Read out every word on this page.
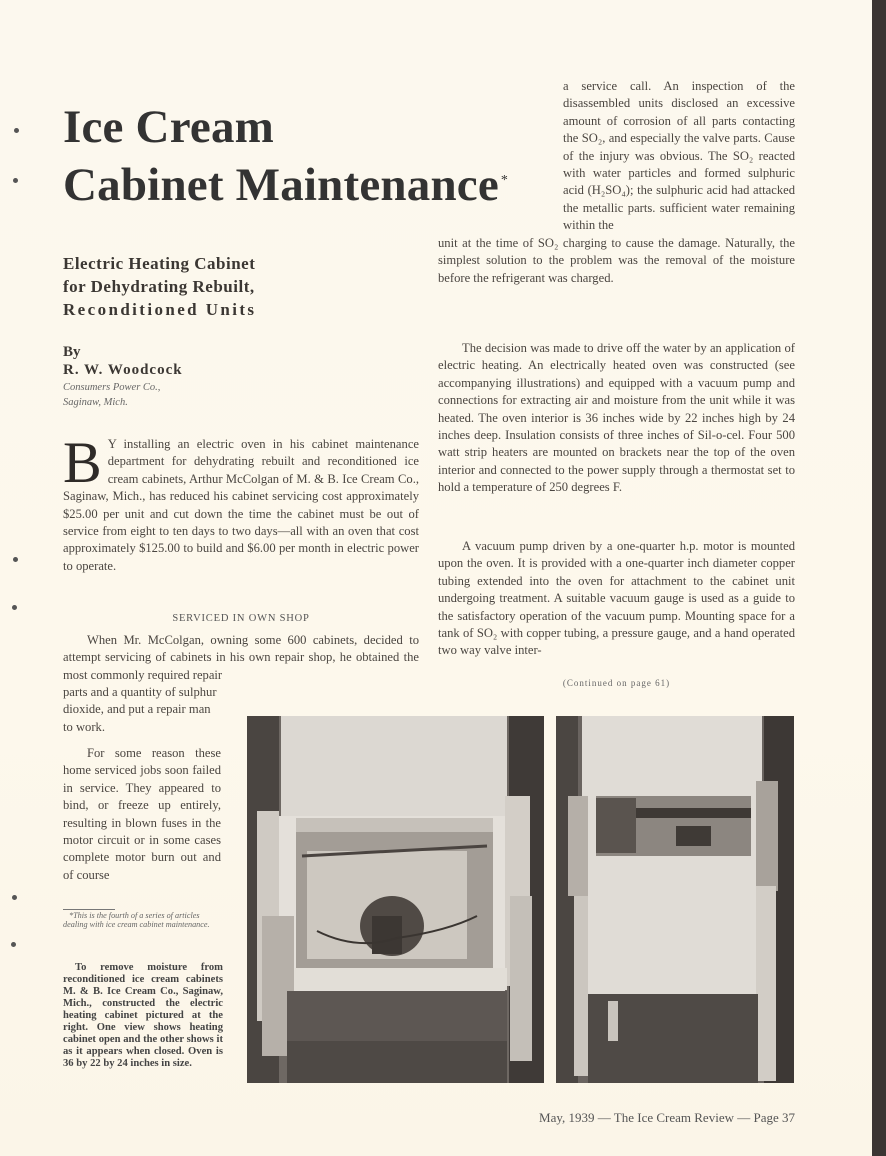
Ice Cream
Cabinet Maintenance *
Electric Heating Cabinet
for Dehydrating Rebuilt,
Reconditioned Units
By
R. W. Woodcock
Consumers Power Co.,
Saginaw, Mich.
B Y installing an electric oven in his cabinet maintenance department for dehydrating rebuilt and reconditioned ice cream cabinets, Arthur McColgan of M. & B. Ice Cream Co., Saginaw, Mich., has reduced his cabinet servicing cost approximately $25.00 per unit and cut down the time the cabinet must be out of service from eight to ten days to two days—all with an oven that cost approximately $125.00 to build and $6.00 per month in electric power to operate.
SERVICED IN OWN SHOP
When Mr. McColgan, owning some 600 cabinets, decided to attempt servicing of cabinets in his own repair shop, he obtained the most commonly required repair
parts and a quantity of sulphur dioxide, and put a repair man to work.
For some reason these home serviced jobs soon failed in service. They appeared to bind, or freeze up entirely, resulting in blown fuses in the motor circuit or in some cases complete motor burn out and of course
*This is the fourth of a series of articles dealing with ice cream cabinet maintenance.
To remove moisture from reconditioned ice cream cabinets M. & B. Ice Cream Co., Saginaw, Mich., constructed the electric heating cabinet pictured at the right. One view shows heating cabinet open and the other shows it as it appears when closed. Oven is 36 by 22 by 24 inches in size.
a service call. An inspection of the disassembled units disclosed an excessive amount of corrosion of all parts contacting the SO₂, and especially the valve parts. Cause of the injury was obvious. The SO₂ reacted with water particles and formed sulphuric acid (H₂SO₄); the sulphuric acid had attacked the metallic parts. sufficient water remaining within the
unit at the time of SO₂ charging to cause the damage. Naturally, the simplest solution to the problem was the removal of the moisture before the refrigerant was charged.
The decision was made to drive off the water by an application of electric heating. An electrically heated oven was constructed (see accompanying illustrations) and equipped with a vacuum pump and connections for extracting air and moisture from the unit while it was heated. The oven interior is 36 inches wide by 22 inches high by 24 inches deep. Insulation consists of three inches of Sil-o-cel. Four 500 watt strip heaters are mounted on brackets near the top of the oven interior and connected to the power supply through a thermostat set to hold a temperature of 250 degrees F.
A vacuum pump driven by a one-quarter h.p. motor is mounted upon the oven. It is provided with a one-quarter inch diameter copper tubing extended into the oven for attachment to the cabinet unit undergoing treatment. A suitable vacuum gauge is used as a guide to the satisfactory operation of the vacuum pump. Mounting space for a tank of SO₂ with copper tubing, a pressure gauge, and a hand operated two way valve inter-
(Continued on page 61)
May, 1939 — The Ice Cream Review — Page 37
